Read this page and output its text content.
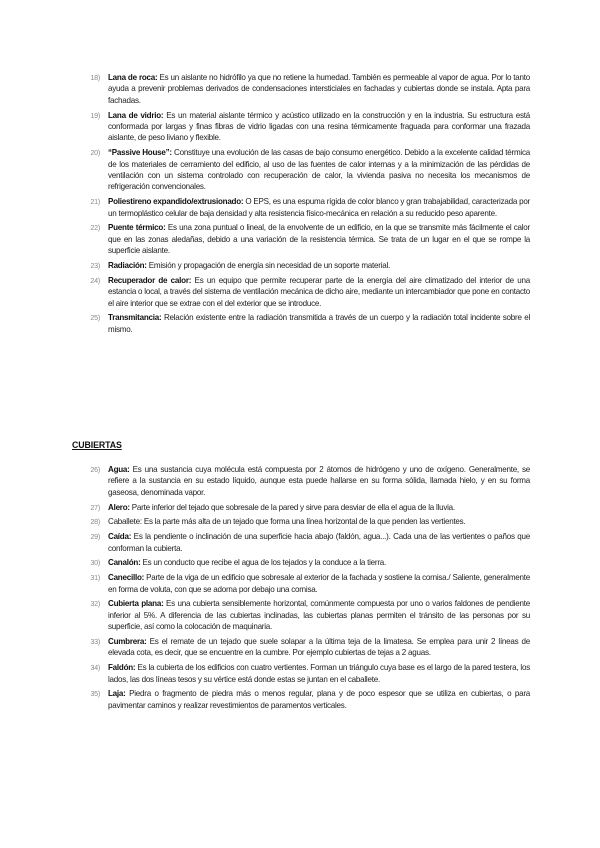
18) Lana de roca: Es un aislante no hidrófilo ya que no retiene la humedad. También es permeable al vapor de agua. Por lo tanto ayuda a prevenir problemas derivados de condensaciones intersticiales en fachadas y cubiertas donde se instala. Apta para fachadas.
19) Lana de vidrio: Es un material aislante térmico y acústico utilizado en la construcción y en la industria. Su estructura está conformada por largas y finas fibras de vidrio ligadas con una resina térmicamente fraguada para conformar una frazada aislante, de peso liviano y flexible.
20) “Passive House”: Constituye una evolución de las casas de bajo consumo energético. Debido a la excelente calidad térmica de los materiales de cerramiento del edificio, al uso de las fuentes de calor internas y a la minimización de las pérdidas de ventilación con un sistema controlado con recuperación de calor, la vivienda pasiva no necesita los mecanismos de refrigeración convencionales.
21) Poliestireno expandido/extrusionado: O EPS, es una espuma rígida de color blanco y gran trabajabilidad, caracterizada por un termoplástico celular de baja densidad y alta resistencia físico-mecánica en relación a su reducido peso aparente.
22) Puente térmico: Es una zona puntual o lineal, de la envolvente de un edificio, en la que se transmite más fácilmente el calor que en las zonas aledañas, debido a una variación de la resistencia térmica. Se trata de un lugar en el que se rompe la superficie aislante.
23) Radiación: Emisión y propagación de energía sin necesidad de un soporte material.
24) Recuperador de calor: Es un equipo que permite recuperar parte de la energía del aire climatizado del interior de una estancia o local, a través del sistema de ventilación mecánica de dicho aire, mediante un intercambiador que pone en contacto el aire interior que se extrae con el del exterior que se introduce.
25) Transmitancia: Relación existente entre la radiación transmitida a través de un cuerpo y la radiación total incidente sobre el mismo.
CUBIERTAS
26) Agua: Es una sustancia cuya molécula está compuesta por 2 átomos de hidrógeno y uno de oxígeno. Generalmente, se refiere a la sustancia en su estado líquido, aunque esta puede hallarse en su forma sólida, llamada hielo, y en su forma gaseosa, denominada vapor.
27) Alero: Parte inferior del tejado que sobresale de la pared y sirve para desviar de ella el agua de la lluvia.
28) Caballete: Es la parte más alta de un tejado que forma una línea horizontal de la que penden las vertientes.
29) Caída: Es la pendiente o inclinación de una superficie hacia abajo (faldón, agua...). Cada una de las vertientes o paños que conforman la cubierta.
30) Canalón: Es un conducto que recibe el agua de los tejados y la conduce a la tierra.
31) Canecillo: Parte de la viga de un edificio que sobresale al exterior de la fachada y sostiene la cornisa./ Saliente, generalmente en forma de voluta, con que se adorna por debajo una cornisa.
32) Cubierta plana: Es una cubierta sensiblemente horizontal, comúnmente compuesta por uno o varios faldones de pendiente inferior al 5%. A diferencia de las cubiertas inclinadas, las cubiertas planas permiten el tránsito de las personas por su superficie, así como la colocación de maquinaria.
33) Cumbrera: Es el remate de un tejado que suele solapar a la última teja de la limatesa. Se emplea para unir 2 líneas de elevada cota, es decir, que se encuentre en la cumbre. Por ejemplo cubiertas de tejas a 2 aguas.
34) Faldón: Es la cubierta de los edificios con cuatro vertientes. Forman un triángulo cuya base es el largo de la pared testera, los lados, las dos líneas tesos y su vértice está donde estas se juntan en el caballete.
35) Laja: Piedra o fragmento de piedra más o menos regular, plana y de poco espesor que se utiliza en cubiertas, o para pavimentar caminos y realizar revestimientos de paramentos verticales.
